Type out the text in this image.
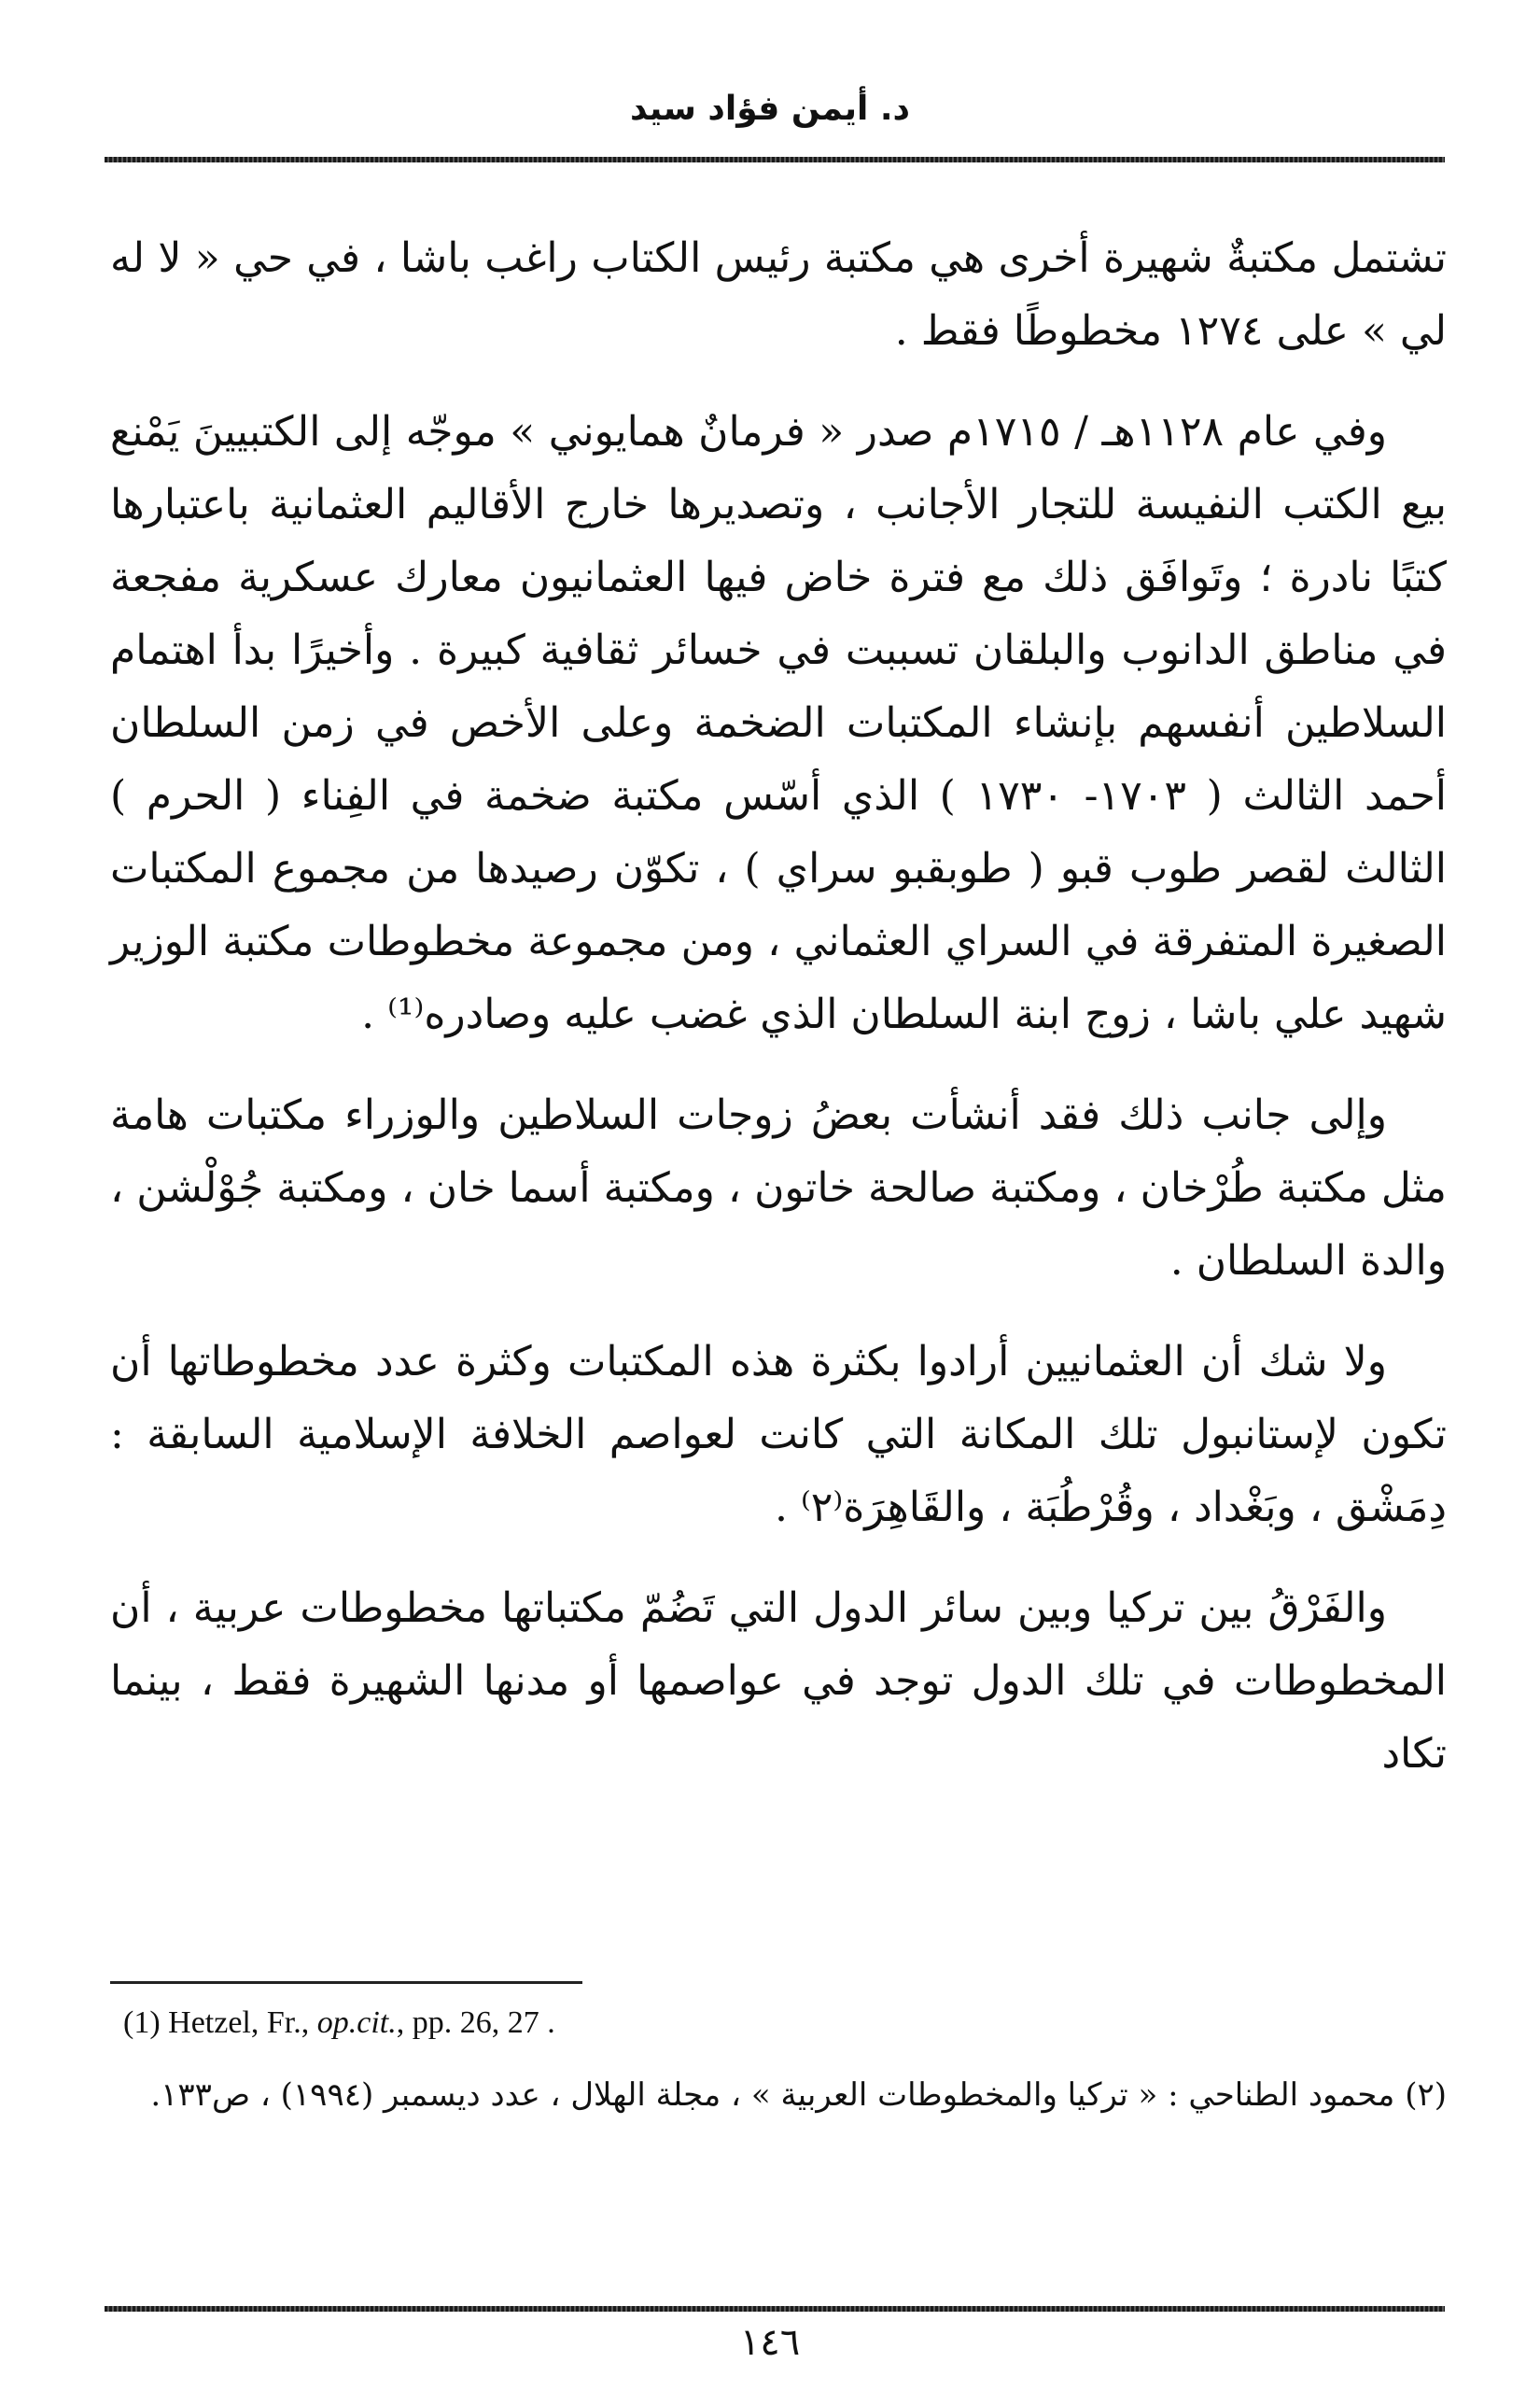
د. أيمن فؤاد سيد

تشتمل مكتبةٌ شهيرة أخرى هي مكتبة رئيس الكتاب راغب باشا ، في حي « لا له لي » على ١٢٧٤ مخطوطًا فقط .

وفي عام ١١٢٨هـ / ١٧١٥م صدر « فرمانٌ همايوني » موجّه إلى الكتبيينَ يَمْنع بيع الكتب النفيسة للتجار الأجانب ، وتصديرها خارج الأقاليم العثمانية باعتبارها كتبًا نادرة ؛ وتَوافَق ذلك مع فترة خاض فيها العثمانيون معارك عسكرية مفجعة في مناطق الدانوب والبلقان تسببت في خسائر ثقافية كبيرة . وأخيرًا بدأ اهتمام السلاطين أنفسهم بإنشاء المكتبات الضخمة وعلى الأخص في زمن السلطان أحمد الثالث ( ١٧٠٣- ١٧٣٠ ) الذي أسّس مكتبة ضخمة في الفِناء ( الحرم ) الثالث لقصر طوب قبو ( طوبقبو سراي ) ، تكوّن رصيدها من مجموع المكتبات الصغيرة المتفرقة في السراي العثماني ، ومن مجموعة مخطوطات مكتبة الوزير شهيد علي باشا ، زوج ابنة السلطان الذي غضب عليه وصادره⁽¹⁾ .

وإلى جانب ذلك فقد أنشأت بعضُ زوجات السلاطين والوزراء مكتبات هامة مثل مكتبة طُرْخان ، ومكتبة صالحة خاتون ، ومكتبة أسما خان ، ومكتبة جُوْلْشن ، والدة السلطان .

ولا شك أن العثمانيين أرادوا بكثرة هذه المكتبات وكثرة عدد مخطوطاتها أن تكون لإستانبول تلك المكانة التي كانت لعواصم الخلافة الإسلامية السابقة : دِمَشْق ، وبَغْداد ، وقُرْطُبَة ، والقَاهِرَة⁽٢⁾ .

والفَرْقُ بين تركيا وبين سائر الدول التي تَضُمّ مكتباتها مخطوطات عربية ، أن المخطوطات في تلك الدول توجد في عواصمها أو مدنها الشهيرة فقط ، بينما تكاد

(1) Hetzel, Fr., op.cit., pp. 26, 27 .
(٢) محمود الطناحي : « تركيا والمخطوطات العربية » ، مجلة الهلال ، عدد ديسمبر (١٩٩٤) ، ص١٣٣.
١٤٦
